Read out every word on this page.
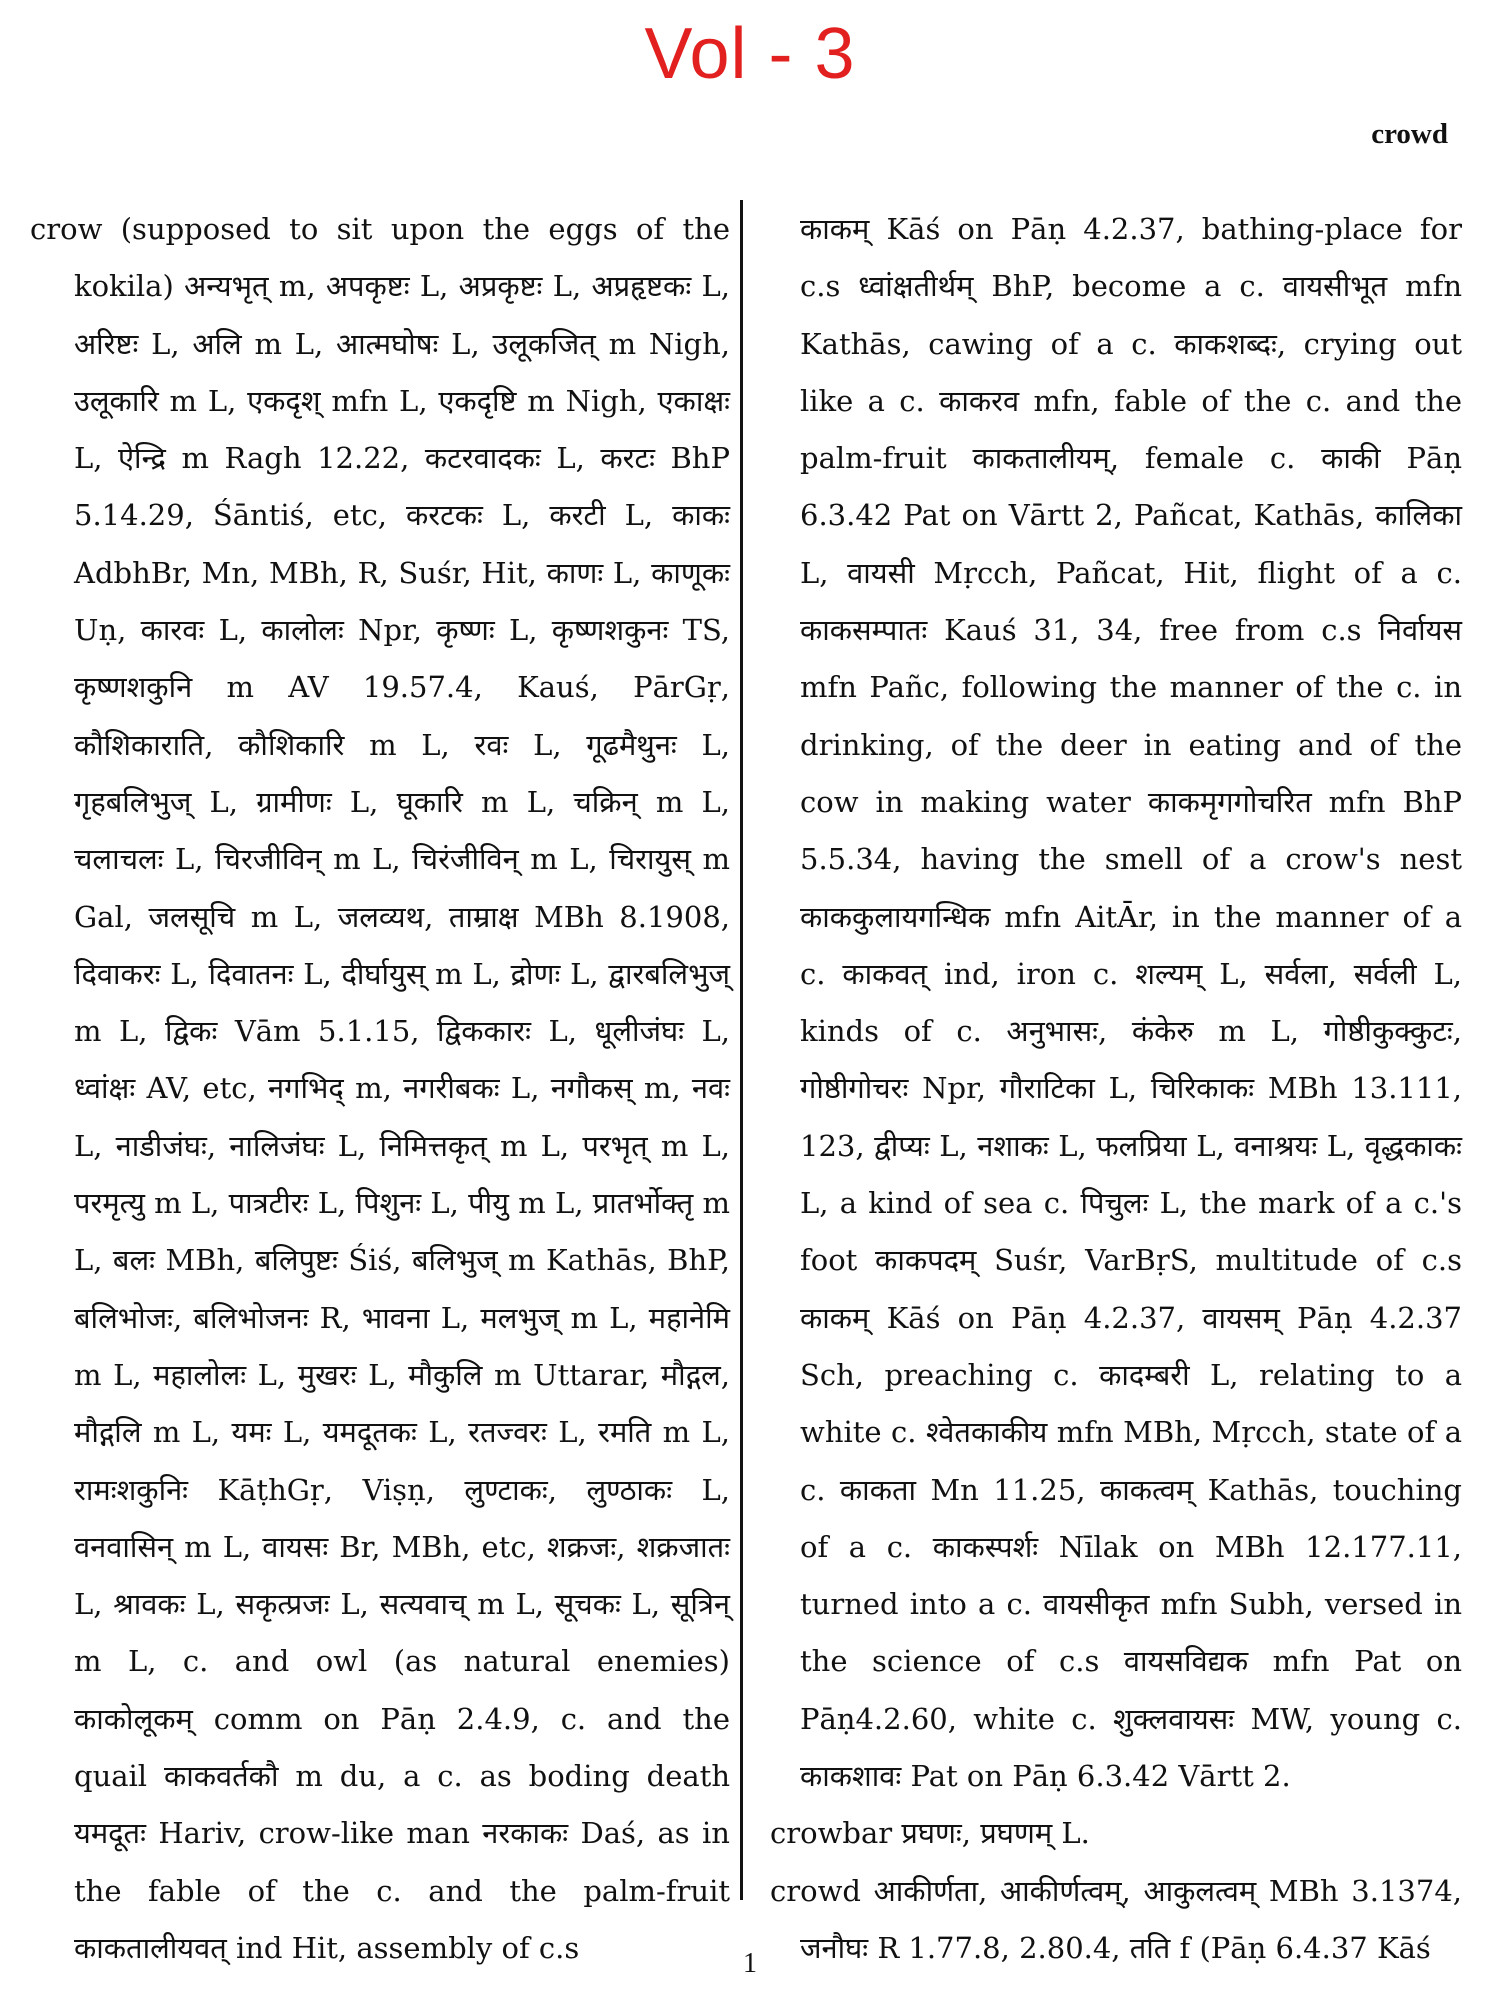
Vol - 3
crowd

crow (supposed to sit upon the eggs of the kokila) अन्यभृत् m, अपकृष्टः L, अप्रकृष्टः L, अप्रहृष्टकः L, अरिष्टः L, अलि m L, आत्मघोषः L, उलूकजित् m Nigh, उलूकारि m L, एकदृश् mfn L, एकदृष्टि m Nigh, एकाक्षः L, ऐन्द्रि m Ragh 12.22, कटरवादकः L, करटः BhP 5.14.29, Śāntiś, etc, करटकः L, करटी L, काकः AdbhBr, Mn, MBh, R, Suśr, Hit, काणः L, काणूकः Uṇ, कारवः L, कालोलः Npr, कृष्णः L, कृष्णशकुनः TS, कृष्णशकुनि m AV 19.57.4, Kauś, PārGṛ, कौशिकाराति, कौशिकारि m L, रवः L, गूढमैथुनः L, गृहबलिभुज् L, ग्रामीणः L, घूकारि m L, चक्रिन् m L, चलाचलः L, चिरजीविन् m L, चिरंजीविन् m L, चिरायुस् m Gal, जलसूचि m L, जलव्यथ, ताम्राक्ष MBh 8.1908, दिवाकरः L, दिवातनः L, दीर्घायुस् m L, द्रोणः L, द्वारबलिभुज् m L, द्विकः Vām 5.1.15, द्विककारः L, धूलीजंघः L, ध्वांक्षः AV, etc, नगभिद् m, नगरीबकः L, नगौकस् m, नवः L, नाडीजंघः, नालिजंघः L, निमित्तकृत् m L, परभृत् m L, परमृत्यु m L, पात्रटीरः L, पिशुनः L, पीयु m L, प्रातर्भोक्तृ m L, बलः MBh, बलिपुष्टः Śiś, बलिभुज् m Kathās, BhP, बलिभोजः, बलिभोजनः R, भावना L, मलभुज् m L, महानेमि m L, महालोलः L, मुखरः L, मौकुलि m Uttarar, मौद्गल, मौद्गलि m L, यमः L, यमदूतकः L, रतज्वरः L, रमति m L, रामःशकुनिः KāṭhGṛ, Viṣṇ, लुण्टाकः, लुण्ठाकः L, वनवासिन् m L, वायसः Br, MBh, etc, शक्रजः, शक्रजातः L, श्रावकः L, सकृत्प्रजः L, सत्यवाच् m L, सूचकः L, सूत्रिन् m L, c. and owl (as natural enemies) काकोलूकम् comm on Pāṇ 2.4.9, c. and the quail काकवर्तकौ m du, a c. as boding death यमदूतः Hariv, crow-like man नरकाकः Daś, as in the fable of the c. and the palm-fruit काकतालीयवत् ind Hit, assembly of c.s

काकम् Kāś on Pāṇ 4.2.37, bathing-place for c.s ध्वांक्षतीर्थम् BhP, become a c. वायसीभूत mfn Kathās, cawing of a c. काकशब्दः, crying out like a c. काकरव mfn, fable of the c. and the palm-fruit काकतालीयम्, female c. काकी Pāṇ 6.3.42 Pat on Vārtt 2, Pañcat, Kathās, कालिका L, वायसी Mṛcch, Pañcat, Hit, flight of a c. काकसम्पातः Kauś 31, 34, free from c.s निर्वायस mfn Pañc, following the manner of the c. in drinking, of the deer in eating and of the cow in making water काकमृगगोचरित mfn BhP 5.5.34, having the smell of a crow's nest काककुलायगन्धिक mfn AitĀr, in the manner of a c. काकवत् ind, iron c. शल्यम् L, सर्वला, सर्वली L, kinds of c. अनुभासः, कंकेरु m L, गोष्ठीकुक्कुटः, गोष्ठीगोचरः Npr, गौराटिका L, चिरिकाकः MBh 13.111, 123, द्वीप्यः L, नशाकः L, फलप्रिया L, वनाश्रयः L, वृद्धकाकः L, a kind of sea c. पिचुलः L, the mark of a c.'s foot काकपदम् Suśr, VarBṛS, multitude of c.s काकम् Kāś on Pāṇ 4.2.37, वायसम् Pāṇ 4.2.37 Sch, preaching c. कादम्बरी L, relating to a white c. श्वेतकाकीय mfn MBh, Mṛcch, state of a c. काकता Mn 11.25, काकत्वम् Kathās, touching of a c. काकस्पर्शः Nīlak on MBh 12.177.11, turned into a c. वायसीकृत mfn Subh, versed in the science of c.s वायसविद्यक mfn Pat on Pāṇ4.2.60, white c. शुक्लवायसः MW, young c. काकशावः Pat on Pāṇ 6.3.42 Vārtt 2.

crowbar प्रघणः, प्रघणम् L.

crowd आकीर्णता, आकीर्णत्वम्, आकुलत्वम् MBh 3.1374, जनौघः R 1.77.8, 2.80.4, तति f (Pāṇ 6.4.37 Kāś

1
